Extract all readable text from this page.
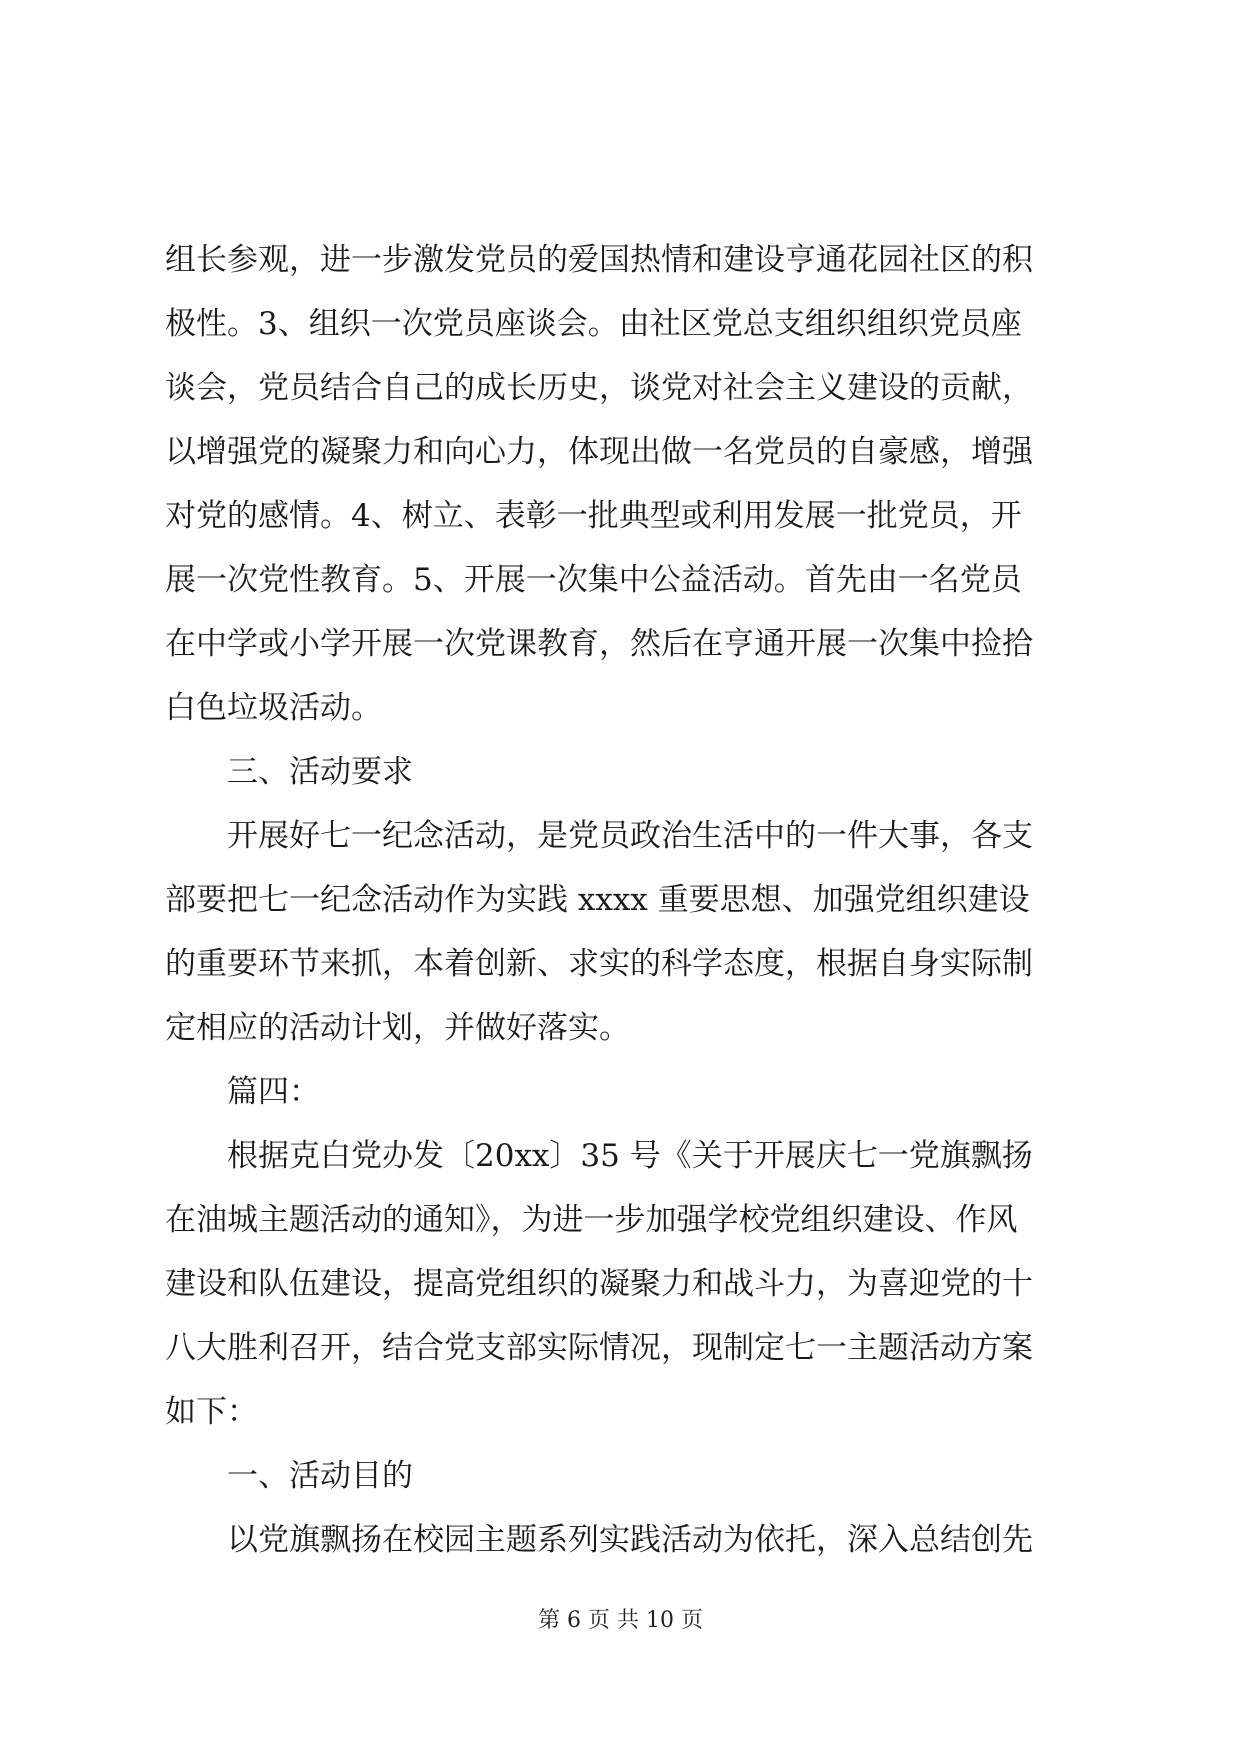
组长参观，进一步激发党员的爱国热情和建设亨通花园社区的积
极性。3、组织一次党员座谈会。由社区党总支组织组织党员座
谈会，党员结合自己的成长历史，谈党对社会主义建设的贡献，
以增强党的凝聚力和向心力，体现出做一名党员的自豪感，增强
对党的感情。4、树立、表彰一批典型或利用发展一批党员，开
展一次党性教育。5、开展一次集中公益活动。首先由一名党员
在中学或小学开展一次党课教育，然后在亨通开展一次集中捡拾
白色垃圾活动。
三、活动要求
开展好七一纪念活动，是党员政治生活中的一件大事，各支
部要把七一纪念活动作为实践 xxxx 重要思想、加强党组织建设
的重要环节来抓，本着创新、求实的科学态度，根据自身实际制
定相应的活动计划，并做好落实。
篇四：
根据克白党办发〔20xx〕35 号《关于开展庆七一党旗飘扬
在油城主题活动的通知》，为进一步加强学校党组织建设、作风
建设和队伍建设，提高党组织的凝聚力和战斗力，为喜迎党的十
八大胜利召开，结合党支部实际情况，现制定七一主题活动方案
如下：
一、活动目的
以党旗飘扬在校园主题系列实践活动为依托，深入总结创先
第 6 页 共 10 页
